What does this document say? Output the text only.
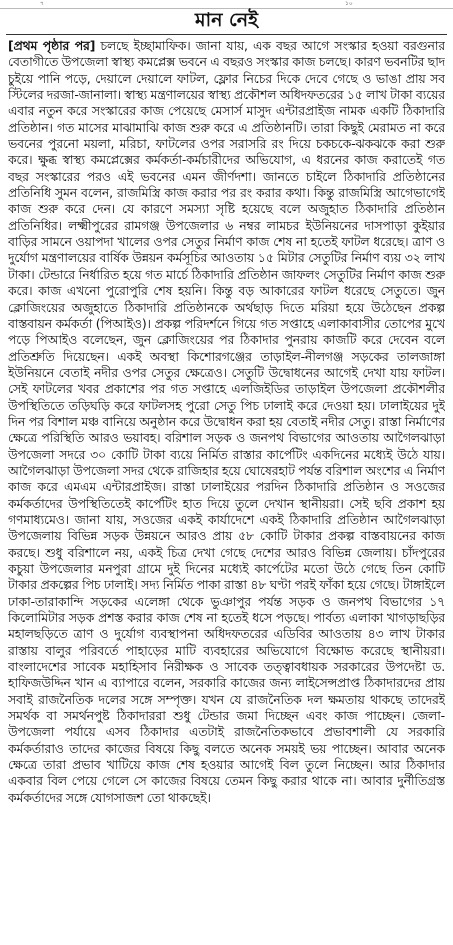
৭	১০
মান নেই

[প্রথম পৃষ্ঠার পর] চলছে ইচ্ছামাফিক। জানা যায়, এক বছর আগে সংস্কার হওয়া বরগুনার বেতাগীতে উপজেলা স্বাস্থ্য কমপ্লেক্স ভবনে এ বছরও সংস্কার কাজ চলছে। কারণ ভবনটির ছাদ চুইয়ে পানি পড়ে, দেয়ালে দেয়ালে ফাটল, ফ্লোর নিচের দিকে দেবে গেছে ও ভাঙা প্রায় সব স্টিলের দরজা-জানালা। স্বাস্থ্য মন্ত্রণালয়ের স্বাস্থ্য প্রকৌশল অধিদফতরের ১৫ লাখ টাকা ব্যয়ের এবার নতুন করে সংস্কারের কাজ পেয়েছে মেসার্স মাসুদ এন্টারপ্রাইজ নামক একটি ঠিকাদারি প্রতিষ্ঠান। গত মাসের মাঝামাঝি কাজ শুরু করে এ প্রতিষ্ঠানটি। তারা কিছুই মেরামত না করে ভবনের পুরনো ময়লা, মরিচা, ফাটলের ওপর সরাসরি রং দিয়ে চকচকে-ঝকঝকে করা শুরু করে। ক্ষুব্ধ স্বাস্থ্য কমপ্লেক্সের কর্মকর্তা-কর্মচারীদের অভিযোগ, এ ধরনের কাজ করাতেই গত বছর সংস্কারের পরও এই ভবনের এমন জীর্ণদশা। জানতে চাইলে ঠিকাদারি প্রতিষ্ঠানের প্রতিনিধি সুমন বলেন, রাজমিস্ত্রি কাজ করার পর রং করার কথা। কিন্তু রাজমিস্ত্রি আগেভাগেই কাজ শুরু করে দেন। যে কারণে সমস্যা সৃষ্টি হয়েছে বলে অজুহাত ঠিকাদারি প্রতিষ্ঠান প্রতিনিধির। লক্ষ্মীপুরের রামগঞ্জ উপজেলার ৬ নম্বর লামচর ইউনিয়নের দাসপাড়া কুইয়ার বাড়ির সামনে ওয়াপদা খালের ওপর সেতুর নির্মাণ কাজ শেষ না হতেই ফাটল ধরেছে। ত্রাণ ও দুর্যোগ মন্ত্রণালয়ের বার্ষিক উন্নয়ন কর্মসূচির আওতায় ১৫ মিটার সেতুটির নির্মাণ ব্যয় ৩২ লাখ টাকা। টেন্ডারে নির্ধারিত হয়ে গত মার্চে ঠিকাদারি প্রতিষ্ঠান জাফলং সেতুটির নির্মাণ কাজ শুরু করে। কাজ এখনো পুরোপুরি শেষ হয়নি। কিন্তু বড় আকারের ফাটল ধরেছে সেতুতে। জুন ক্লোজিংয়ের অজুহাতে ঠিকাদারি প্রতিষ্ঠানকে অর্থছাড় দিতে মরিয়া হয়ে উঠেছেন প্রকল্প বাস্তবায়ন কর্মকর্তা (পিআইও)। প্রকল্প পরিদর্শনে গিয়ে গত সপ্তাহে এলাকাবাসীর তোপের মুখে পড়ে পিআইও বলেছেন, জুন ক্লোজিংয়ের পর ঠিকাদার পুনরায় কাজটি করে দেবেন বলে প্রতিশ্রুতি দিয়েছেন। একই অবস্থা কিশোরগঞ্জের তাড়াইল-নীলগঞ্জ সড়কের তালজাঙ্গা ইউনিয়নে বেতাই নদীর ওপর সেতুর ক্ষেত্রেও। সেতুটি উদ্বোধনের আগেই দেখা যায় ফাটল। সেই ফাটলের খবর প্রকাশের পর গত সপ্তাহে এলজিইডির তাড়াইল উপজেলা প্রকৌশলীর উপস্থিতিতে তড়িঘড়ি করে ফাটলসহ পুরো সেতু পিচ ঢালাই করে দেওয়া হয়। ঢালাইয়ের দুই দিন পর বিশাল মঞ্চ বানিয়ে অনুষ্ঠান করে উদ্বোধন করা হয় বেতাই নদীর সেতু। রাস্তা নির্মাণের ক্ষেত্রে পরিস্থিতি আরও ভয়াবহ। বরিশাল সড়ক ও জনপথ বিভাগের আওতায় আগৈলঝাড়া উপজেলা সদরে ৩০ কোটি টাকা ব্যয়ে নির্মিত রাস্তার কার্পেটিং একদিনের মধ্যেই উঠে যায়। আগৈলঝাড়া উপজেলা সদর থেকে রাজিহার হয়ে ঘোষেরহাট পর্যন্ত বরিশাল অংশের এ নির্মাণ কাজ করে এমএম এন্টারপ্রাইজ। রাস্তা ঢালাইয়ের পরদিন ঠিকাদারি প্রতিষ্ঠান ও সওজের কর্মকর্তাদের উপস্থিতিতেই কার্পেটিং হাত দিয়ে তুলে দেখান স্থানীয়রা। সেই ছবি প্রকাশ হয় গণমাধ্যমেও। জানা যায়, সওজের একই কার্যাদেশে একই ঠিকাদারি প্রতিষ্ঠান আগৈলঝাড়া উপজেলায় বিভিন্ন সড়ক উন্নয়নে আরও প্রায় ৫৮ কোটি টাকার প্রকল্প বাস্তবায়নের কাজ করছে। শুধু বরিশালে নয়, একই চিত্র দেখা গেছে দেশের আরও বিভিন্ন জেলায়। চাঁদপুরের কচুয়া উপজেলার মনপুরা গ্রামে দুই দিনের মধ্যেই কার্পেটের মতো উঠে গেছে তিন কোটি টাকার প্রকল্পের পিচ ঢালাই। সদ্য নির্মিত পাকা রাস্তা ৪৮ ঘণ্টা পরই ফাঁকা হয়ে গেছে। টাঙ্গাইলে ঢাকা-তারাকান্দি সড়কের এলেঙ্গা থেকে ভুঞাপুর পর্যন্ত সড়ক ও জনপথ বিভাগের ১৭ কিলোমিটার সড়ক প্রশস্ত করার কাজ শেষ না হতেই ধসে পড়ছে। পার্বত্য এলাকা খাগড়াছড়ির মহালছড়িতে ত্রাণ ও দুর্যোগ ব্যবস্থাপনা অধিদফতরের এডিবির আওতায় ৪৩ লাখ টাকার রাস্তায় বালুর পরিবর্তে পাহাড়ের মাটি ব্যবহারের অভিযোগে বিক্ষোভ করেছে স্থানীয়রা। বাংলাদেশের সাবেক মহাহিসাব নিরীক্ষক ও সাবেক তত্ত্বাবধায়ক সরকারের উপদেষ্টা ড. হাফিজউদ্দিন খান এ ব্যাপারে বলেন, সরকারি কাজের জন্য লাইসেন্সপ্রাপ্ত ঠিকাদারদের প্রায় সবাই রাজনৈতিক দলের সঙ্গে সম্পৃক্ত। যখন যে রাজনৈতিক দল ক্ষমতায় থাকছে তাদেরই সমর্থক বা সমর্থনপুষ্ট ঠিকাদাররা শুধু টেন্ডার জমা দিচ্ছেন এবং কাজ পাচ্ছেন। জেলা-উপজেলা পর্যায়ে এসব ঠিকাদার এতটাই রাজনৈতিকভাবে প্রভাবশালী যে সরকারি কর্মকর্তারাও তাদের কাজের বিষয়ে কিছু বলতে অনেক সময়ই ভয় পাচ্ছেন। আবার অনেক ক্ষেত্রে তারা প্রভাব খাটিয়ে কাজ শেষ হওয়ার আগেই বিল তুলে নিচ্ছেন। আর ঠিকাদার একবার বিল পেয়ে গেলে সে কাজের বিষয়ে তেমন কিছু করার থাকে না। আবার দুর্নীতিগ্রস্ত কর্মকর্তাদের সঙ্গে যোগসাজশ তো থাকছেই।
